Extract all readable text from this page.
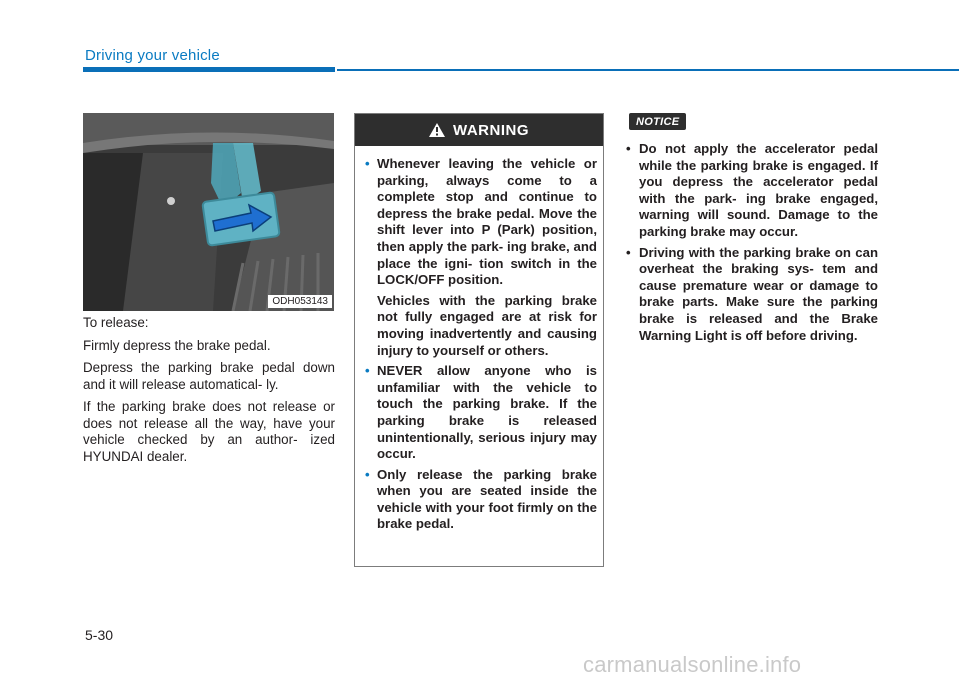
Driving your vehicle
ODH053143

To release:

Firmly depress the brake pedal.

Depress the parking brake pedal down and it will release automatical- ly.

If the parking brake does not release or does not release all the way, have your vehicle checked by an author- ized HYUNDAI dealer.

WARNING
• Whenever leaving the vehicle or parking, always come to a complete stop and continue to depress the brake pedal. Move the shift lever into P (Park) position, then apply the park- ing brake, and place the igni- tion switch in the LOCK/OFF position.
Vehicles with the parking brake not fully engaged are at risk for moving inadvertently and causing injury to yourself or others.
• NEVER allow anyone who is unfamiliar with the vehicle to touch the parking brake. If the parking brake is released unintentionally, serious injury may occur.
• Only release the parking brake when you are seated inside the vehicle with your foot firmly on the brake pedal.
NOTICE
• Do not apply the accelerator pedal while the parking brake is engaged. If you depress the accelerator pedal with the park- ing brake engaged, warning will sound. Damage to the parking brake may occur.
• Driving with the parking brake on can overheat the braking sys- tem and cause premature wear or damage to brake parts. Make sure the parking brake is released and the Brake Warning Light is off before driving.
5-30
carmanualsonline.info
